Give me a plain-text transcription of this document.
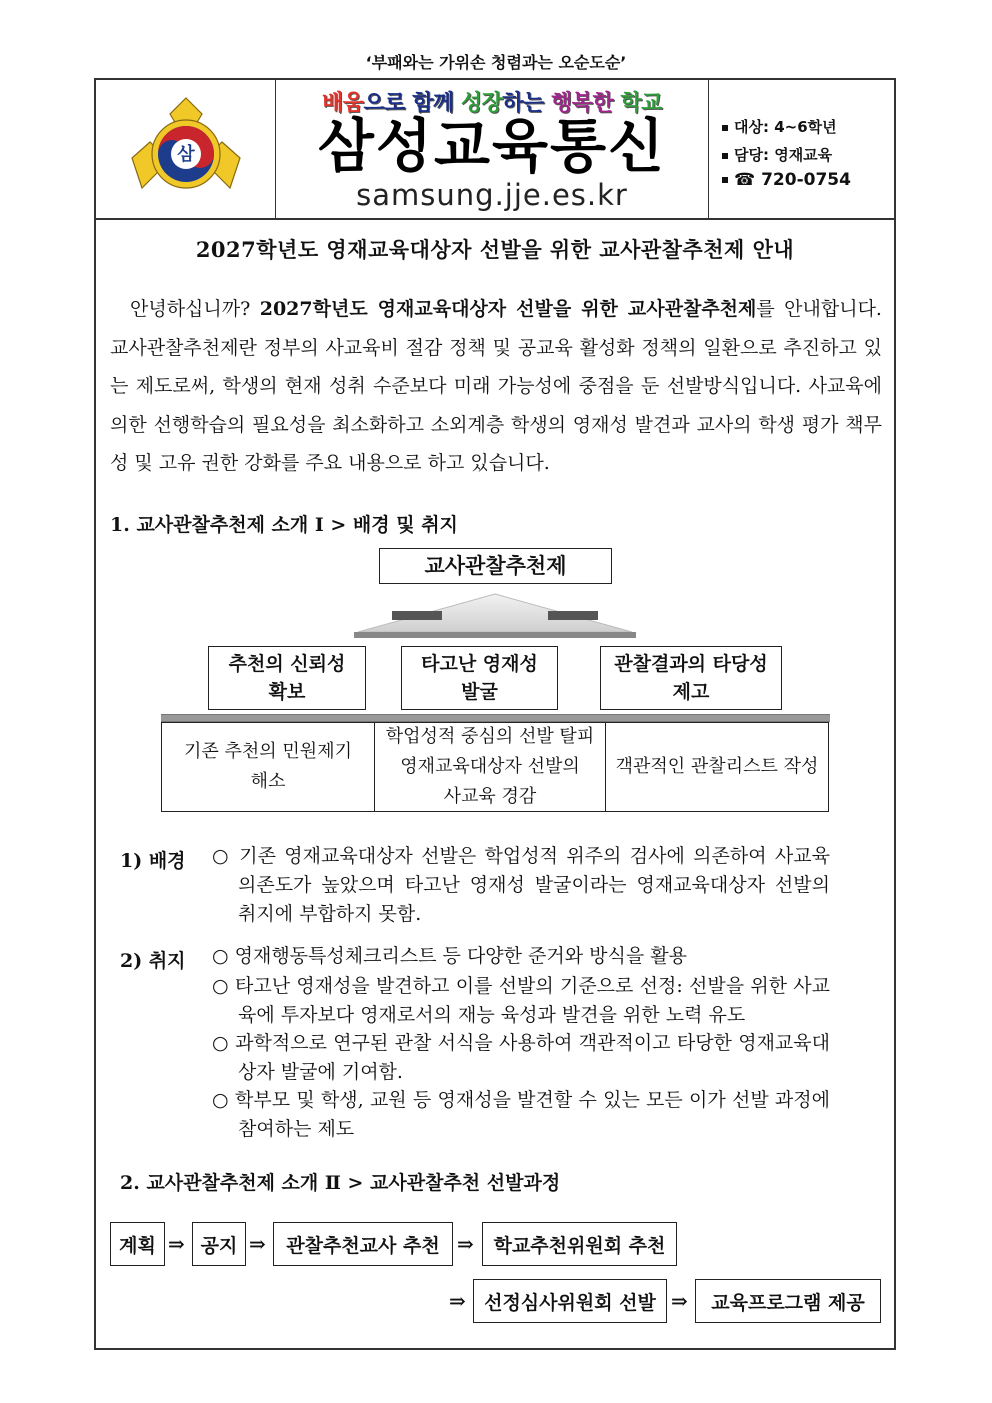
‘부패와는 가위손 청렴과는 오순도순’
삼
배움으로 함께 성장하는 행복한 학교
삼성교육통신
samsung.jje.es.kr
대상: 4~6학년
담당: 영재교육
☎ 720-0754
2027학년도 영재교육대상자 선발을 위한 교사관찰추천제 안내
안녕하십니까? 2027학년도 영재교육대상자 선발을 위한 교사관찰추천제를 안내합니다. 교사관찰추천제란 정부의 사교육비 절감 정책 및 공교육 활성화 정책의 일환으로 추진하고 있는 제도로써, 학생의 현재 성취 수준보다 미래 가능성에 중점을 둔 선발방식입니다. 사교육에 의한 선행학습의 필요성을 최소화하고 소외계층 학생의 영재성 발견과 교사의 학생 평가 책무성 및 고유 권한 강화를 주요 내용으로 하고 있습니다.
1. 교사관찰추천제 소개 Ⅰ > 배경 및 취지
교사관찰추천제
추천의 신뢰성
확보
타고난 영재성
발굴
관찰결과의 타당성
제고
기존 추천의 민원제기
해소
학업성적 중심의 선발 탈피
영재교육대상자 선발의
사교육 경감
객관적인 관찰리스트 작성
1) 배경 ○ 기존 영재교육대상자 선발은 학업성적 위주의 검사에 의존하여 사교육 의존도가 높았으며 타고난 영재성 발굴이라는 영재교육대상자 선발의 취지에 부합하지 못함.
2) 취지 ○ 영재행동특성체크리스트 등 다양한 준거와 방식을 활용
○ 타고난 영재성을 발견하고 이를 선발의 기준으로 선정: 선발을 위한 사교육에 투자보다 영재로서의 재능 육성과 발견을 위한 노력 유도
○ 과학적으로 연구된 관찰 서식을 사용하여 객관적이고 타당한 영재교육대상자 발굴에 기여함.
○ 학부모 및 학생, 교원 등 영재성을 발견할 수 있는 모든 이가 선발 과정에 참여하는 제도
2. 교사관찰추천제 소개 Ⅱ > 교사관찰추천 선발과정
계획 ⇒ 공지 ⇒	관찰추천교사 추천 ⇒	학교추천위원회 추천
⇒ 선정심사위원회 선발 ⇒	교육프로그램 제공
